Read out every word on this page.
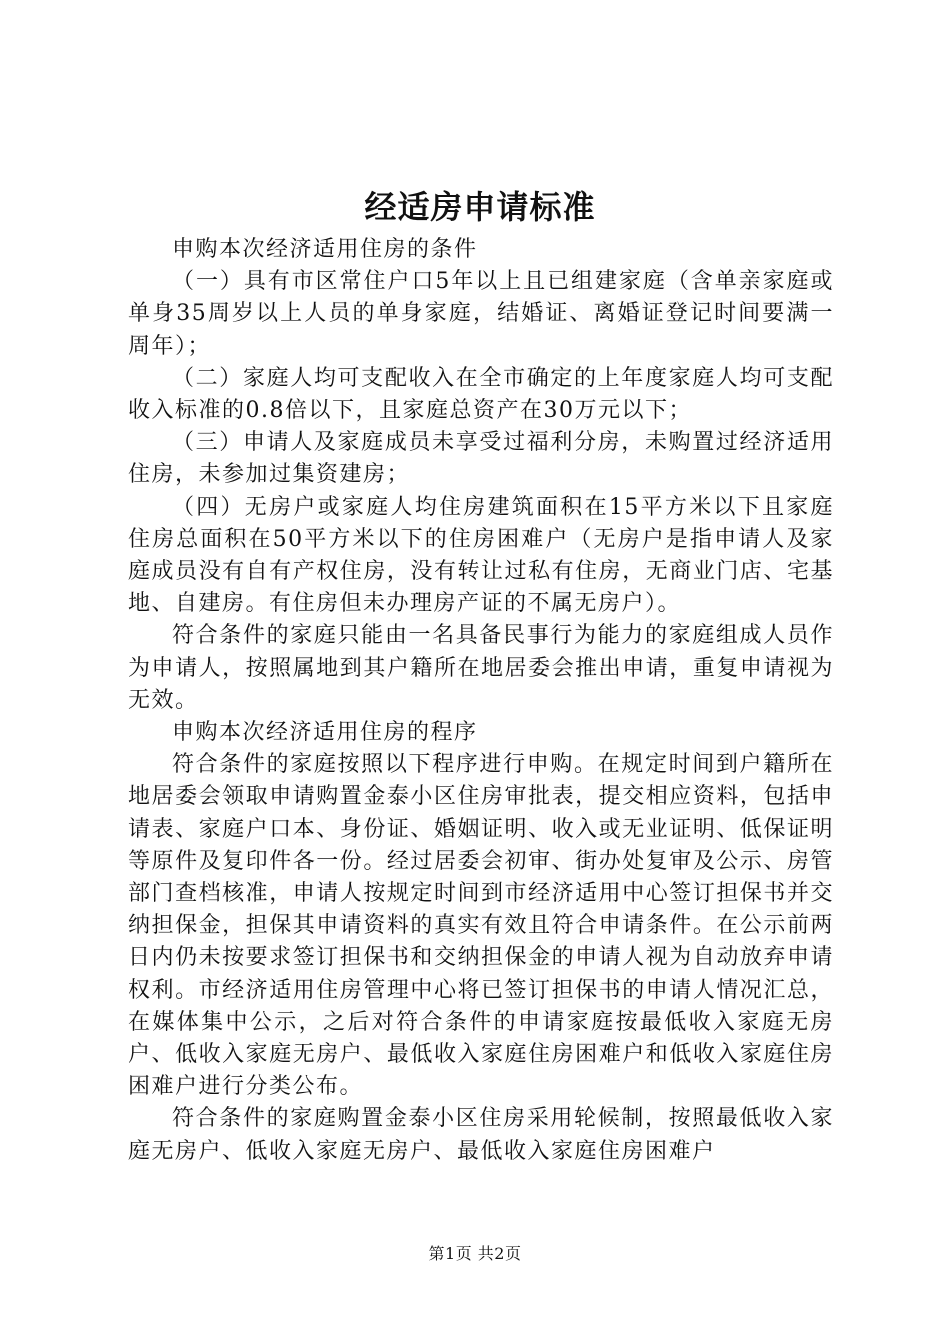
经适房申请标准

申购本次经济适用住房的条件

（一）具有市区常住户口5年以上且已组建家庭（含单亲家庭或单身35周岁以上人员的单身家庭，结婚证、离婚证登记时间要满一周年）；

（二）家庭人均可支配收入在全市确定的上年度家庭人均可支配收入标准的0.8倍以下，且家庭总资产在30万元以下；

（三）申请人及家庭成员未享受过福利分房，未购置过经济适用住房，未参加过集资建房；

（四）无房户或家庭人均住房建筑面积在15平方米以下且家庭住房总面积在50平方米以下的住房困难户（无房户是指申请人及家庭成员没有自有产权住房，没有转让过私有住房，无商业门店、宅基地、自建房。有住房但未办理房产证的不属无房户）。

符合条件的家庭只能由一名具备民事行为能力的家庭组成人员作为申请人，按照属地到其户籍所在地居委会推出申请，重复申请视为无效。

申购本次经济适用住房的程序

符合条件的家庭按照以下程序进行申购。在规定时间到户籍所在地居委会领取申请购置金泰小区住房审批表，提交相应资料，包括申请表、家庭户口本、身份证、婚姻证明、收入或无业证明、低保证明等原件及复印件各一份。经过居委会初审、街办处复审及公示、房管部门查档核准，申请人按规定时间到市经济适用中心签订担保书并交纳担保金，担保其申请资料的真实有效且符合申请条件。在公示前两日内仍未按要求签订担保书和交纳担保金的申请人视为自动放弃申请权利。市经济适用住房管理中心将已签订担保书的申请人情况汇总，在媒体集中公示，之后对符合条件的申请家庭按最低收入家庭无房户、低收入家庭无房户、最低收入家庭住房困难户和低收入家庭住房困难户进行分类公布。

符合条件的家庭购置金泰小区住房采用轮候制，按照最低收入家庭无房户、低收入家庭无房户、最低收入家庭住房困难户

第1页 共2页
